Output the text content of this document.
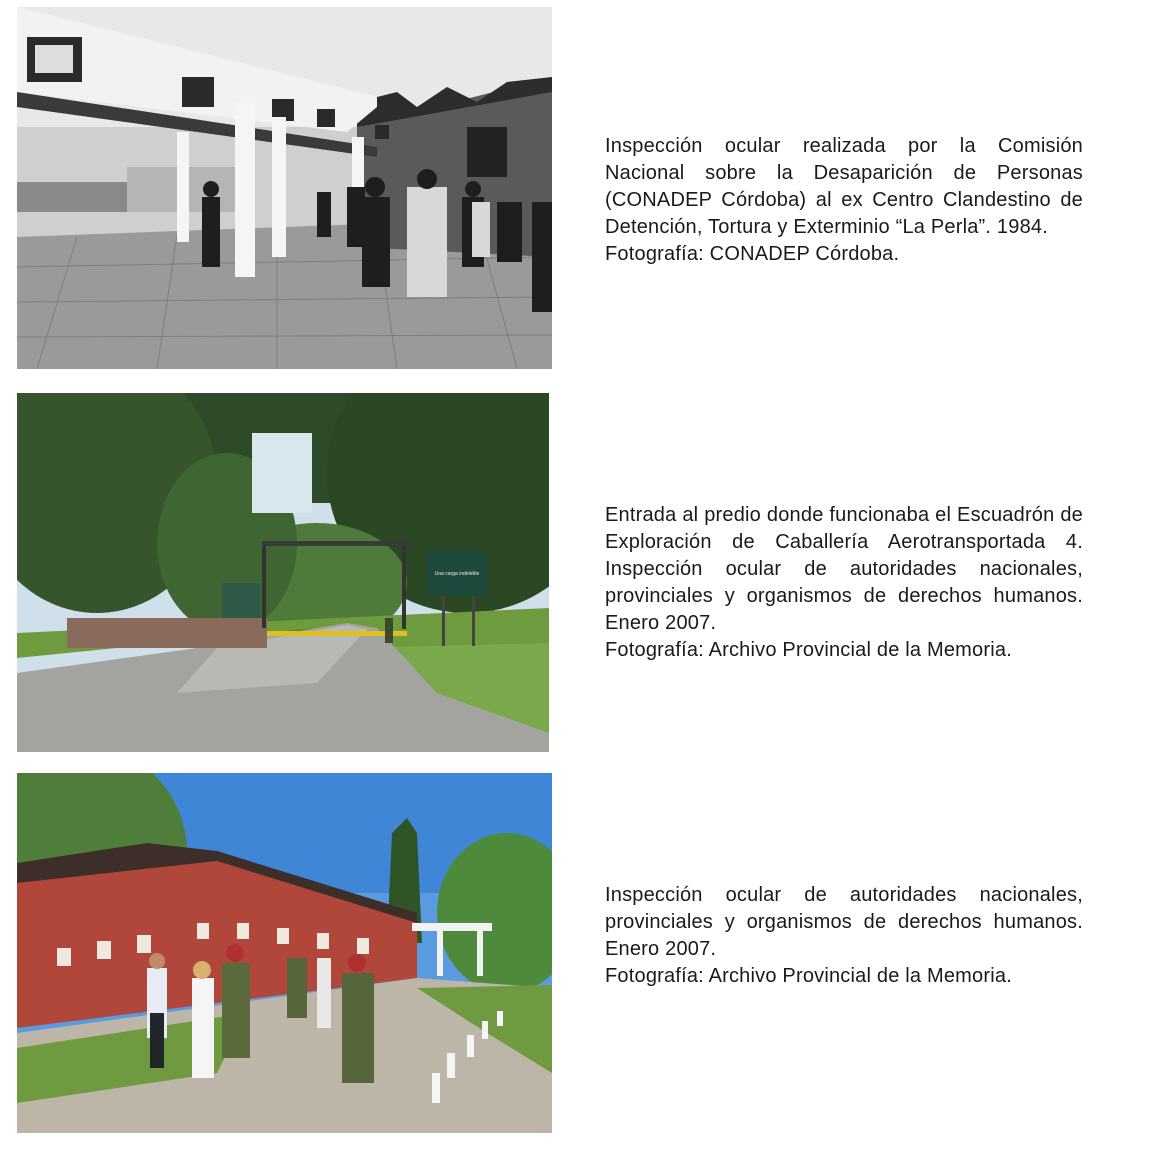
Inspección ocular realizada por la Comisión Nacional sobre la Desaparición de Personas (CONADEP Córdoba) al ex Centro Clandestino de Detención, Tortura y Exterminio “La Perla”. 1984.

Fotografía: CONADEP Córdoba.

Una carga indeleble

Entrada al predio donde funcionaba el Escuadrón de Exploración de Caballería Aerotransportada 4. Inspección ocular de autoridades nacionales, provinciales y organismos de derechos humanos. Enero 2007.

Fotografía: Archivo Provincial de la Memoria.

Inspección ocular de autoridades nacionales, provinciales y organismos de derechos humanos. Enero 2007.

Fotografía: Archivo Provincial de la Memoria.
